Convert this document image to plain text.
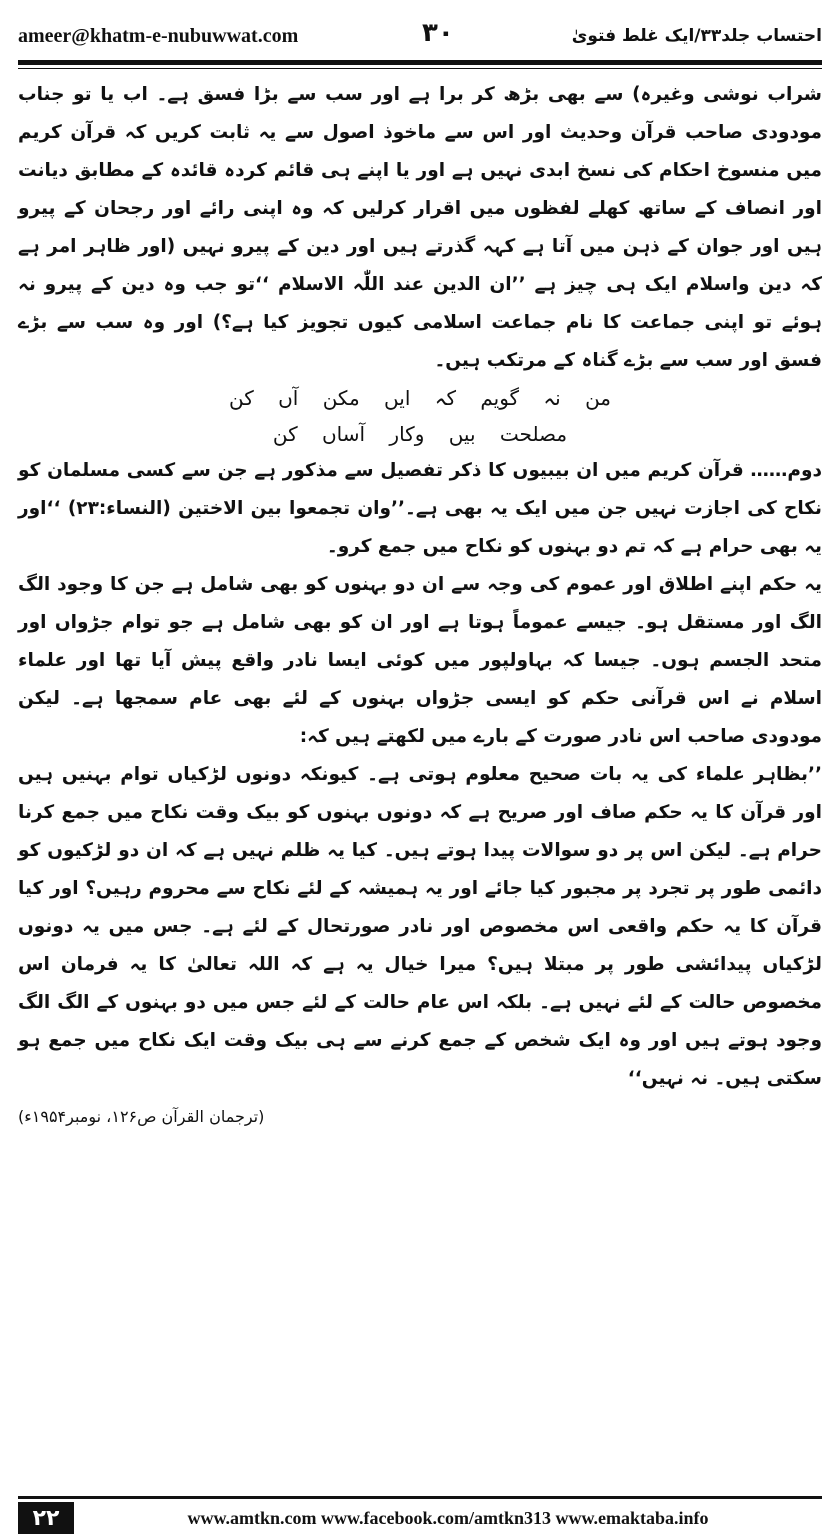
ameer@khatm-e-nubuwwat.com	۳۰	احتساب جلد۳۳/ایک غلط فتویٰ

شراب نوشی وغیرہ) سے بھی بڑھ کر برا ہے اور سب سے بڑا فسق ہے۔ اب یا تو جناب مودودی صاحب قرآن وحدیث اور اس سے ماخوذ اصول سے یہ ثابت کریں کہ قرآن کریم میں منسوخ احکام کی نسخ ابدی نہیں ہے اور یا اپنے ہی قائم کردہ قائدہ کے مطابق دیانت اور انصاف کے ساتھ کھلے لفظوں میں اقرار کرلیں کہ وہ اپنی رائے اور رجحان کے پیرو ہیں اور جوان کے ذہن میں آتا ہے کہہ گذرتے ہیں اور دین کے پیرو نہیں (اور ظاہر امر ہے کہ دین واسلام ایک ہی چیز ہے ’’ان الدین عند اللّٰہ الاسلام ‘‘تو جب وہ دین کے پیرو نہ ہوئے تو اپنی جماعت کا نام جماعت اسلامی کیوں تجویز کیا ہے؟) اور وہ سب سے بڑے فسق اور سب سے بڑے گناہ کے مرتکب ہیں۔

من نہ گویم کہ ایں مکن آں کن

مصلحت بیں وکار آساں کن

دوم…… قرآن کریم میں ان بیبیوں کا ذکر تفصیل سے مذکور ہے جن سے کسی مسلمان کو نکاح کی اجازت نہیں جن میں ایک یہ بھی ہے۔’’وان تجمعوا بین الاختین (النساء:۲۳) ‘‘اور یہ بھی حرام ہے کہ تم دو بہنوں کو نکاح میں جمع کرو۔

یہ حکم اپنے اطلاق اور عموم کی وجہ سے ان دو بہنوں کو بھی شامل ہے جن کا وجود الگ الگ اور مستقل ہو۔ جیسے عموماً ہوتا ہے اور ان کو بھی شامل ہے جو توام جڑواں اور متحد الجسم ہوں۔ جیسا کہ بہاولپور میں کوئی ایسا نادر واقع پیش آیا تھا اور علماء اسلام نے اس قرآنی حکم کو ایسی جڑواں بہنوں کے لئے بھی عام سمجھا ہے۔ لیکن مودودی صاحب اس نادر صورت کے بارے میں لکھتے ہیں کہ:

’’بظاہر علماء کی یہ بات صحیح معلوم ہوتی ہے۔ کیونکہ دونوں لڑکیاں توام بہنیں ہیں اور قرآن کا یہ حکم صاف اور صریح ہے کہ دونوں بہنوں کو بیک وقت نکاح میں جمع کرنا حرام ہے۔ لیکن اس پر دو سوالات پیدا ہوتے ہیں۔ کیا یہ ظلم نہیں ہے کہ ان دو لڑکیوں کو دائمی طور پر تجرد پر مجبور کیا جائے اور یہ ہمیشہ کے لئے نکاح سے محروم رہیں؟ اور کیا قرآن کا یہ حکم واقعی اس مخصوص اور نادر صورتحال کے لئے ہے۔ جس میں یہ دونوں لڑکیاں پیدائشی طور پر مبتلا ہیں؟ میرا خیال یہ ہے کہ اللہ تعالیٰ کا یہ فرمان اس مخصوص حالت کے لئے نہیں ہے۔ بلکہ اس عام حالت کے لئے جس میں دو بہنوں کے الگ الگ وجود ہوتے ہیں اور وہ ایک شخص کے جمع کرنے سے ہی بیک وقت ایک نکاح میں جمع ہو سکتی ہیں۔ نہ نہیں‘‘

(ترجمان القرآن ص۱۲۶، نومبر۱۹۵۴ء)

۲۲	www.amtkn.com www.facebook.com/amtkn313 www.emaktaba.info
